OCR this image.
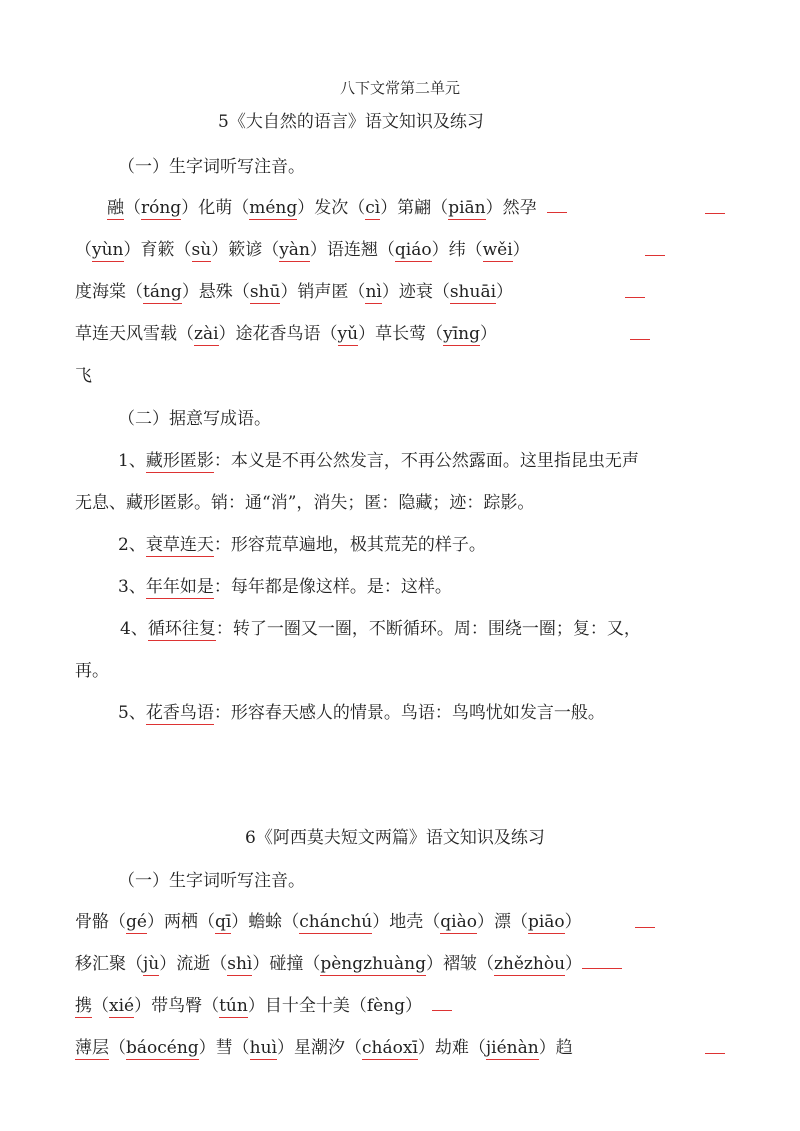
八下文常第二单元
5《大自然的语言》语文知识及练习
（一）生字词听写注音。
融（róng）化萌（méng）发次（cì）第翩（piān）然孕
（yùn）育簌（sù）簌谚（yàn）语连翘（qiáo）纬（wěi）
度海棠（táng）悬殊（shū）销声匿（nì）迹衰（shuāi）
草连天风雪载（zài）途花香鸟语（yǔ）草长莺（yīng）
飞
（二）据意写成语。
1、藏形匿影：本义是不再公然发言，不再公然露面。这里指昆虫无声
无息、藏形匿影。销：通“消”，消失；匿：隐藏；迹：踪影。
2、衰草连天：形容荒草遍地，极其荒芜的样子。
3、年年如是：每年都是像这样。是：这样。
4、循环往复：转了一圈又一圈，不断循环。周：围绕一圈；复：又，
再。
5、花香鸟语：形容春天感人的情景。鸟语：鸟鸣忧如发言一般。
6《阿西莫夫短文两篇》语文知识及练习
（一）生字词听写注音。
骨骼（gé）两栖（qī）蟾蜍（chánchú）地壳（qiào）漂（piāo）
移汇聚（jù）流逝（shì）碰撞（pèngzhuàng）褶皱（zhězhòu）
携（xié）带鸟臀（tún）目十全十美（fèng）
薄层（báocéng）彗（huì）星潮汐（cháoxī）劫难（jiénàn）趋
